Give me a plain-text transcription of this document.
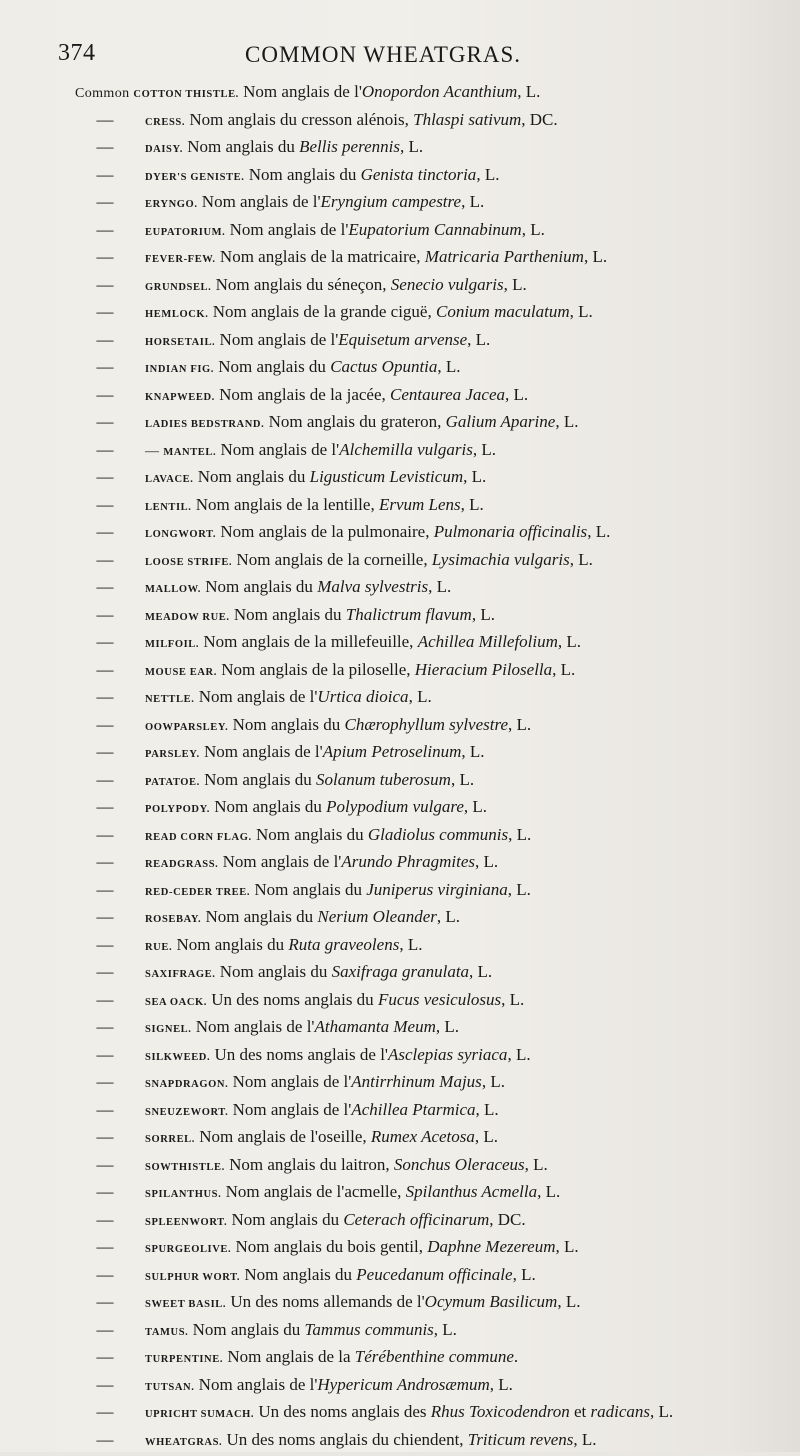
374	COMMON WHEATGRAS.
Common COTTON THISTLE. Nom anglais de l'Onopordon Acanthium, L.
—	CRESS. Nom anglais du cresson alénois, Thlaspi sativum, DC.
—	DAISY. Nom anglais du Bellis perennis, L.
—	DYER'S GENISTE. Nom anglais du Genista tinctoria, L.
—	ERYNGO. Nom anglais de l'Eryngium campestre, L.
—	EUPATORIUM. Nom anglais de l'Eupatorium Cannabinum, L.
—	FEVER-FEW. Nom anglais de la matricaire, Matricaria Parthenium, L.
—	GRUNDSEL. Nom anglais du séneçon, Senecio vulgaris, L.
—	HEMLOCK. Nom anglais de la grande ciguë, Conium maculatum, L.
—	HORSETAIL. Nom anglais de l'Equisetum arvense, L.
—	INDIAN FIG. Nom anglais du Cactus Opuntia, L.
—	KNAPWEED. Nom anglais de la jacée, Centaurea Jacea, L.
—	LADIES BEDSTRAND. Nom anglais du grateron, Galium Aparine, L.
— — MANTEL. Nom anglais de l'Alchemilla vulgaris, L.
—	LAVACE. Nom anglais du Ligusticum Levisticum, L.
—	LENTIL. Nom anglais de la lentille, Ervum Lens, L.
—	LONGWORT. Nom anglais de la pulmonaire, Pulmonaria officinalis, L.
—	LOOSE STRIFE. Nom anglais de la corneille, Lysimachia vulgaris, L.
—	MALLOW. Nom anglais du Malva sylvestris, L.
—	MEADOW RUE. Nom anglais du Thalictrum flavum, L.
—	MILFOIL. Nom anglais de la millefeuille, Achillea Millefolium, L.
—	MOUSE EAR. Nom anglais de la piloselle, Hieracium Pilosella, L.
—	NETTLE. Nom anglais de l'Urtica dioica, L.
—	OOWPARSLEY. Nom anglais du Chærophyllum sylvestre, L.
—	PARSLEY. Nom anglais de l'Apium Petroselinum, L.
—	PATATOE. Nom anglais du Solanum tuberosum, L.
—	POLYPODY. Nom anglais du Polypodium vulgare, L.
—	READ CORN FLAG. Nom anglais du Gladiolus communis, L.
—	READGRASS. Nom anglais de l'Arundo Phragmites, L.
—	RED-CEDER TREE. Nom anglais du Juniperus virginiana, L.
—	ROSEBAY. Nom anglais du Nerium Oleander, L.
—	RUE. Nom anglais du Ruta graveolens, L.
—	SAXIFRAGE. Nom anglais du Saxifraga granulata, L.
—	SEA OACK. Un des noms anglais du Fucus vesiculosus, L.
—	SIGNEL. Nom anglais de l'Athamanta Meum, L.
—	SILKWEED. Un des noms anglais de l'Asclepias syriaca, L.
—	SNAPDRAGON. Nom anglais de l'Antirrhinum Majus, L.
—	SNEUZEWORT. Nom anglais de l'Achillea Ptarmica, L.
—	SORREL. Nom anglais de l'oseille, Rumex Acetosa, L.
—	SOWTHISTLE. Nom anglais du laitron, Sonchus Oleraceus, L.
—	SPILANTHUS. Nom anglais de l'acmelle, Spilanthus Acmella, L.
—	SPLEENWORT. Nom anglais du Ceterach officinarum, DC.
—	SPURGEOLIVE. Nom anglais du bois gentil, Daphne Mezereum, L.
—	SULPHUR WORT. Nom anglais du Peucedanum officinale, L.
—	SWEET BASIL. Un des noms allemands de l'Ocymum Basilicum, L.
—	TAMUS. Nom anglais du Tammus communis, L.
—	TURPENTINE. Nom anglais de la Térébenthine commune.
—	TUTSAN. Nom anglais de l'Hypericum Androsæmum, L.
—	UPRICHT SUMACH. Un des noms anglais des Rhus Toxicodendron et radicans, L.
—	WHEATGRAS. Un des noms anglais du chiendent, Triticum revens, L.
